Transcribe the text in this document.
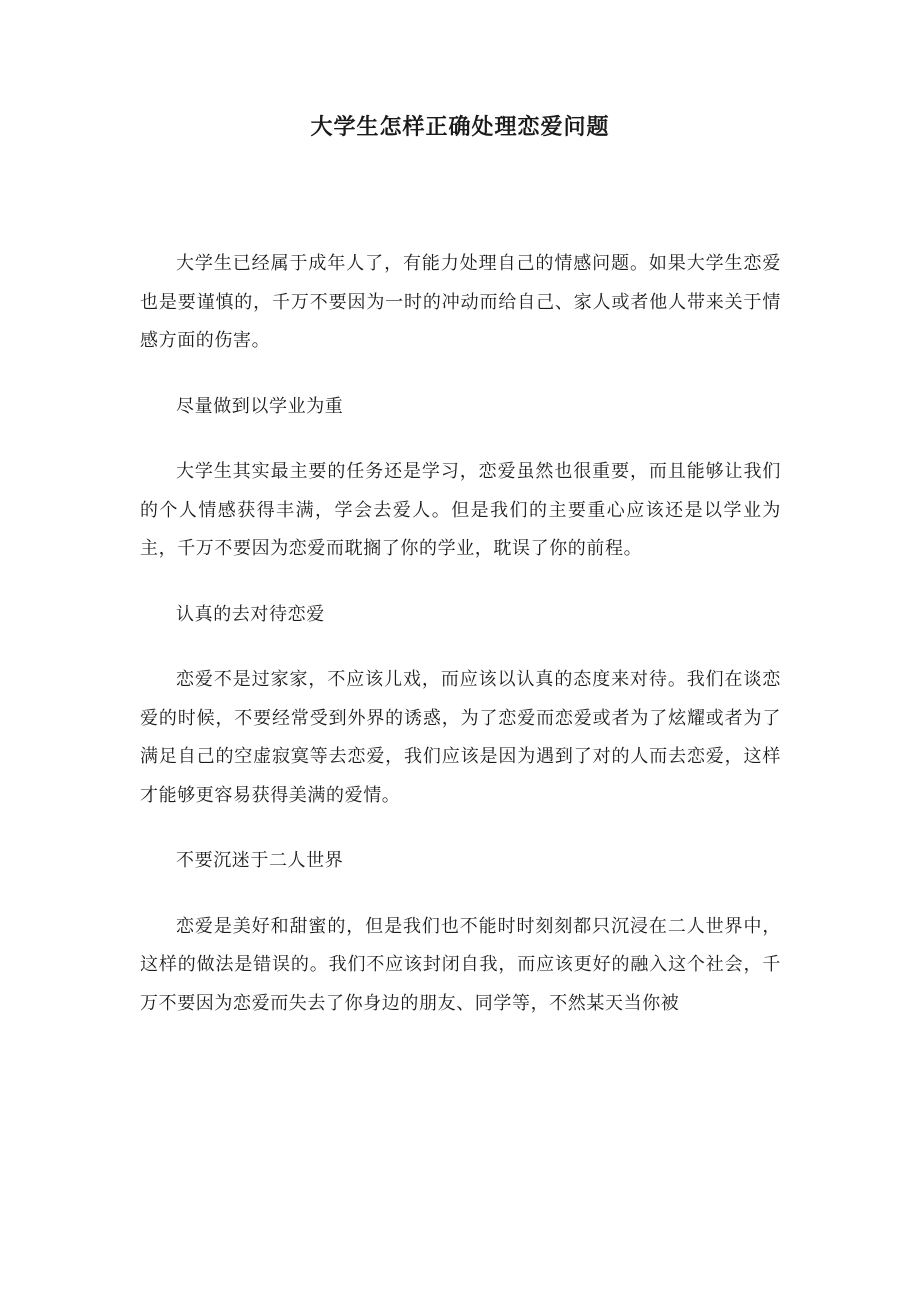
大学生怎样正确处理恋爱问题

大学生已经属于成年人了，有能力处理自己的情感问题。如果大学生恋爱也是要谨慎的，千万不要因为一时的冲动而给自己、家人或者他人带来关于情感方面的伤害。

尽量做到以学业为重

大学生其实最主要的任务还是学习，恋爱虽然也很重要，而且能够让我们的个人情感获得丰满，学会去爱人。但是我们的主要重心应该还是以学业为主，千万不要因为恋爱而耽搁了你的学业，耽误了你的前程。

认真的去对待恋爱

恋爱不是过家家，不应该儿戏，而应该以认真的态度来对待。我们在谈恋爱的时候，不要经常受到外界的诱惑，为了恋爱而恋爱或者为了炫耀或者为了满足自己的空虚寂寞等去恋爱，我们应该是因为遇到了对的人而去恋爱，这样才能够更容易获得美满的爱情。

不要沉迷于二人世界

恋爱是美好和甜蜜的，但是我们也不能时时刻刻都只沉浸在二人世界中，这样的做法是错误的。我们不应该封闭自我，而应该更好的融入这个社会，千万不要因为恋爱而失去了你身边的朋友、同学等，不然某天当你被
